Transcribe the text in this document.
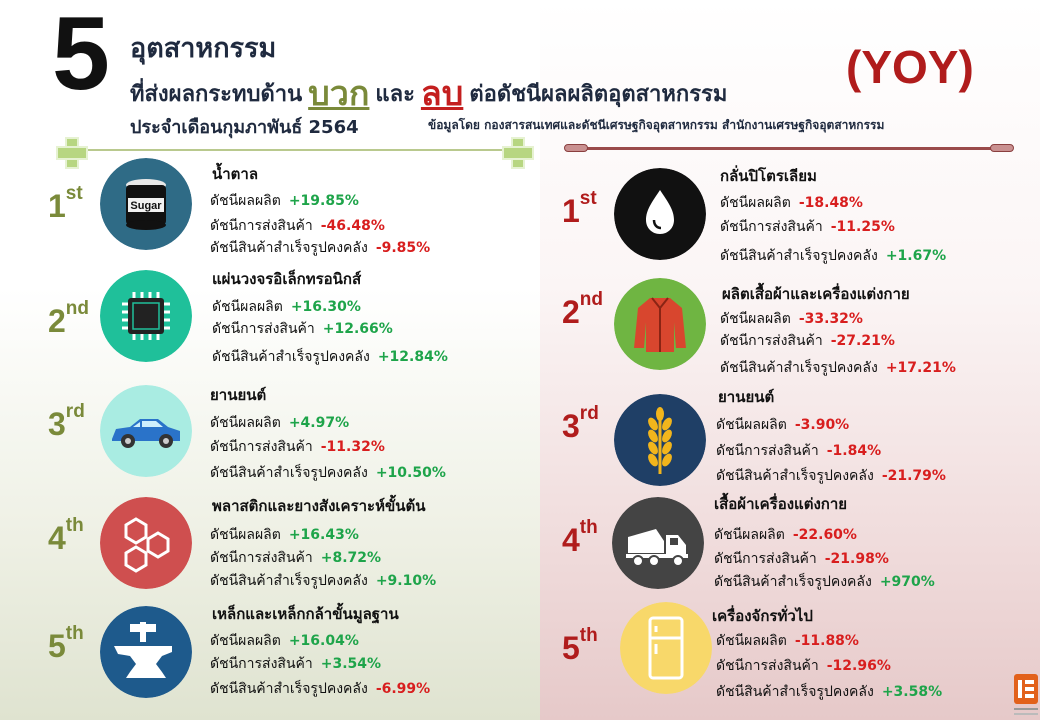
5 อุตสาหกรรม
ที่ส่งผลกระทบด้าน บวก และ ลบ ต่อดัชนีผลผลิตอุตสาหกรรม
ประจำเดือนกุมภาพันธ์ 2564
(YOY)
ข้อมูลโดย กองสารสนเทศและดัชนีเศรษฐกิจอุตสาหกรรม สำนักงานเศรษฐกิจอุตสาหกรรม
1st
Sugar
น้ำตาล
ดัชนีผลผลิต +19.85%
ดัชนีการส่งสินค้า -46.48%
ดัชนีสินค้าสำเร็จรูปคงคลัง -9.85%
2nd
แผ่นวงจรอิเล็กทรอนิกส์
ดัชนีผลผลิต +16.30%
ดัชนีการส่งสินค้า +12.66%
ดัชนีสินค้าสำเร็จรูปคงคลัง +12.84%
3rd
ยานยนต์
ดัชนีผลผลิต +4.97%
ดัชนีการส่งสินค้า -11.32%
ดัชนีสินค้าสำเร็จรูปคงคลัง +10.50%
4th
พลาสติกและยางสังเคราะห์ขั้นต้น
ดัชนีผลผลิต +16.43%
ดัชนีการส่งสินค้า +8.72%
ดัชนีสินค้าสำเร็จรูปคงคลัง +9.10%
5th
เหล็กและเหล็กกล้าขั้นมูลฐาน
ดัชนีผลผลิต +16.04%
ดัชนีการส่งสินค้า +3.54%
ดัชนีสินค้าสำเร็จรูปคงคลัง -6.99%
1st
กลั่นปิโตรเลียม
ดัชนีผลผลิต -18.48%
ดัชนีการส่งสินค้า -11.25%
ดัชนีสินค้าสำเร็จรูปคงคลัง +1.67%
2nd	ผลิตเสื้อผ้าและเครื่องแต่งกาย
ดัชนีผลผลิต -33.32%
ดัชนีการส่งสินค้า -27.21%
ดัชนีสินค้าสำเร็จรูปคงคลัง +17.21%
3rd
ยานยนต์
ดัชนีผลผลิต -3.90%
ดัชนีการส่งสินค้า -1.84%
ดัชนีสินค้าสำเร็จรูปคงคลัง -21.79%
4th
เสื้อผ้าเครื่องแต่งกาย
ดัชนีผลผลิต -22.60%
ดัชนีการส่งสินค้า -21.98%
ดัชนีสินค้าสำเร็จรูปคงคลัง +970%
5th
เครื่องจักรทั่วไป
ดัชนีผลผลิต -11.88%
ดัชนีการส่งสินค้า -12.96%
ดัชนีสินค้าสำเร็จรูปคงคลัง +3.58%
